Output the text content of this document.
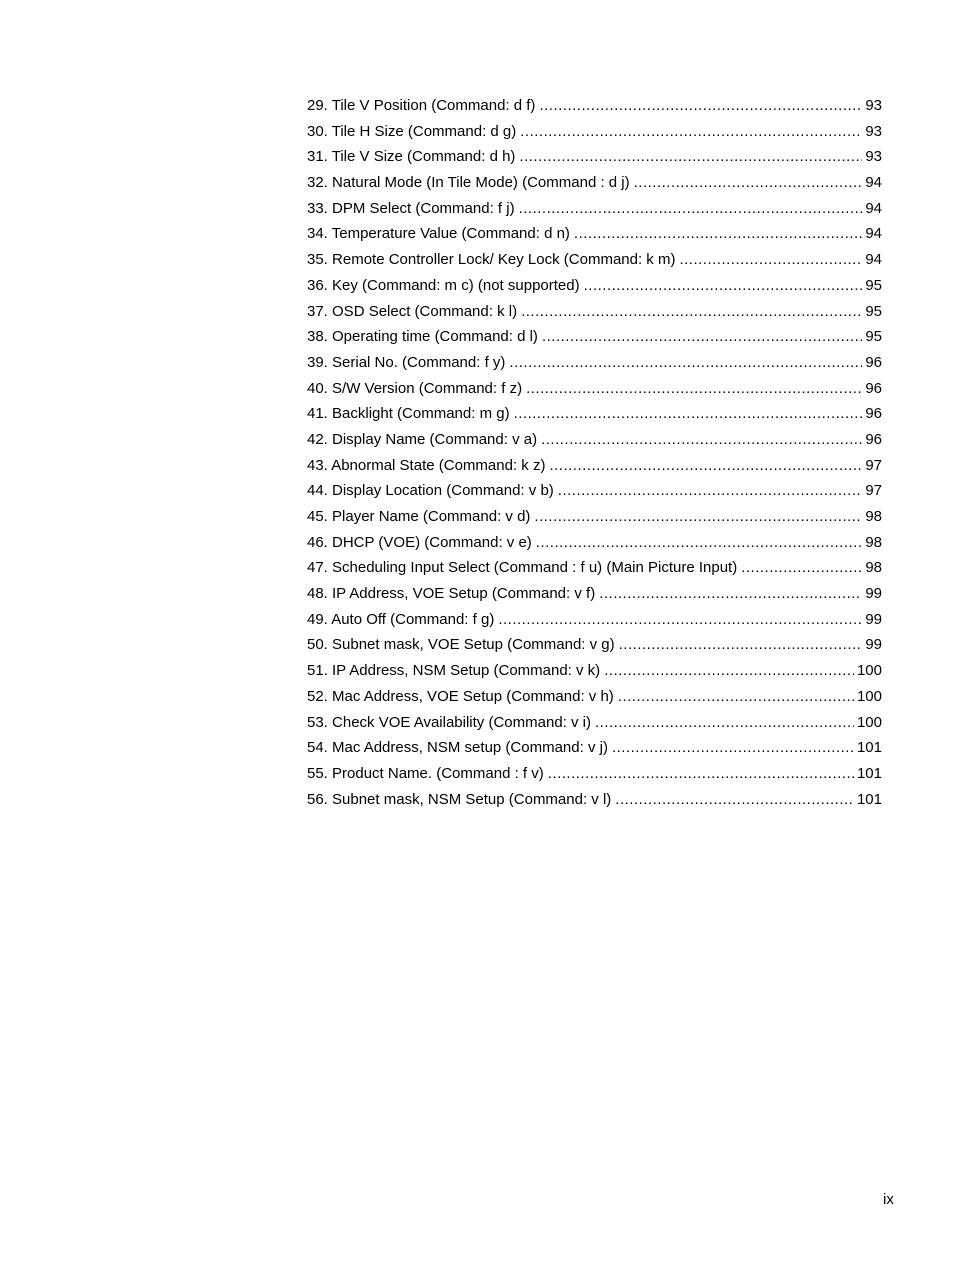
29. Tile V Position (Command: d f) .....	93
30. Tile H Size (Command: d g) .....	93
31. Tile V Size (Command: d h) .....	93
32. Natural Mode (In Tile Mode) (Command : d j) .....	94
33. DPM Select (Command: f j) .....	94
34. Temperature Value (Command: d n) .....	94
35. Remote Controller Lock/ Key Lock (Command: k m) .....	94
36. Key (Command: m c) (not supported) .....	95
37. OSD Select (Command: k l) .....	95
38. Operating time (Command: d l) .....	95
39. Serial No. (Command: f y) .....	96
40. S/W Version (Command: f z) .....	96
41. Backlight (Command: m g) .....	96
42. Display Name (Command: v a) .....	96
43. Abnormal State (Command: k z) .....	97
44. Display Location (Command: v b) .....	97
45. Player Name (Command: v d) .....	98
46. DHCP (VOE) (Command: v e) .....	98
47. Scheduling Input Select (Command : f u) (Main Picture Input) .....	98
48. IP Address, VOE Setup (Command: v f) .....	99
49. Auto Off (Command: f g) .....	99
50. Subnet mask, VOE Setup (Command: v g) .....	99
51. IP Address, NSM Setup (Command: v k) .....	100
52. Mac Address, VOE Setup (Command: v h) .....	100
53. Check VOE Availability (Command: v i) .....	100
54. Mac Address, NSM setup (Command: v j) .....	101
55. Product Name. (Command : f v) .....	101
56. Subnet mask, NSM Setup (Command: v l) .....	101
ix
